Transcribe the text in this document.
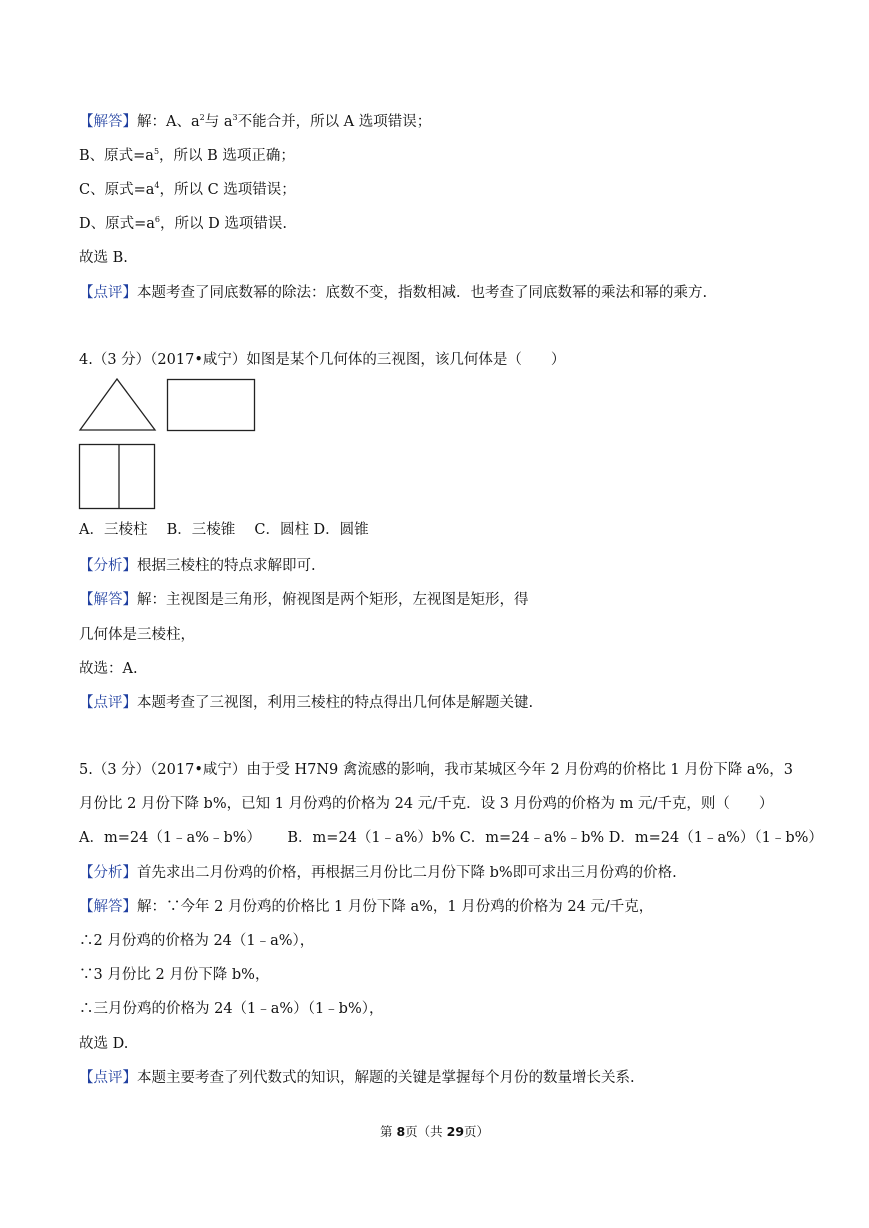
【解答】解：A、$a^2$与 $a^3$不能合并，所以 A 选项错误；
B、原式$=a^5$，所以 B 选项正确；
C、原式$=a^4$，所以 C 选项错误；
D、原式$=a^6$，所以 D 选项错误.
故选 B.
【点评】本题考查了同底数幂的除法：底数不变，指数相减．也考查了同底数幂的乘法和幂的乘方.
4.（3 分）（2017•咸宁）如图是某个几何体的三视图，该几何体是（　　）
A．三棱柱　 B．三棱锥　 C．圆柱 D．圆锥
【分析】根据三棱柱的特点求解即可.
【解答】解：主视图是三角形，俯视图是两个矩形，左视图是矩形，得
几何体是三棱柱，
故选：A.
【点评】本题考查了三视图，利用三棱柱的特点得出几何体是解题关键.
5.（3 分）（2017•咸宁）由于受 H7N9 禽流感的影响，我市某城区今年 2 月份鸡的价格比 1 月份下降 a%，3
月份比 2 月份下降 b%，已知 1 月份鸡的价格为 24 元/千克．设 3 月份鸡的价格为 m 元/千克，则（　　）
A．m=24（1﹣a%﹣b%）　　 B．m=24（1﹣a%）b% C．m=24﹣a%﹣b% D．m=24（1﹣a%）（1﹣b%）
【分析】首先求出二月份鸡的价格，再根据三月份比二月份下降 b%即可求出三月份鸡的价格.
【解答】解：∵今年 2 月份鸡的价格比 1 月份下降 a%，1 月份鸡的价格为 24 元/千克，
∴2 月份鸡的价格为 24（1﹣a%），
∵3 月份比 2 月份下降 b%，
∴三月份鸡的价格为 24（1﹣a%）（1﹣b%），
故选 D.
【点评】本题主要考查了列代数式的知识，解题的关键是掌握每个月份的数量增长关系.
第 8页（共 29页）
